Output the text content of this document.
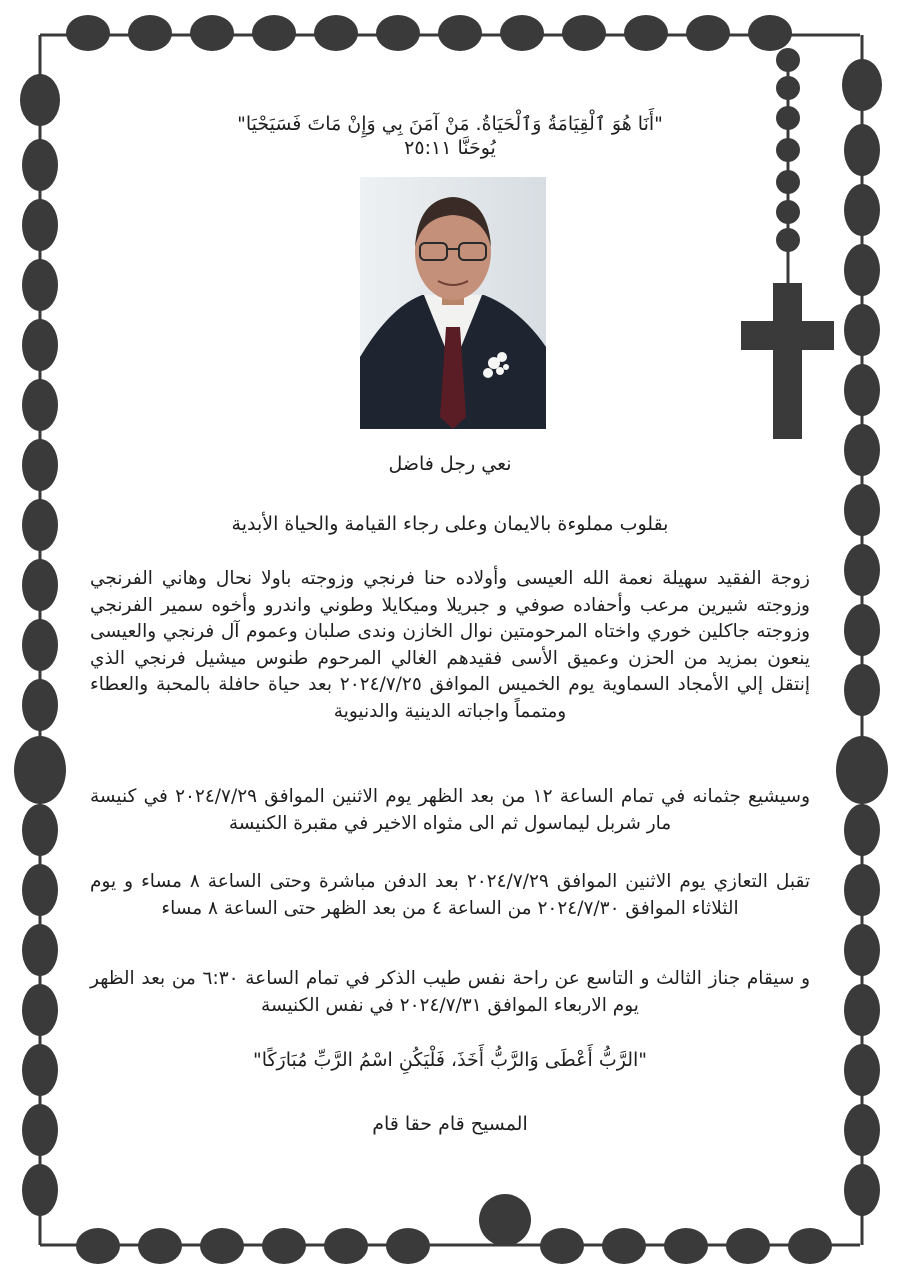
"أَنَا هُوَ ٱلْقِيَامَةُ وَٱلْحَيَاةُ. مَنْ آمَنَ بِي وَإِنْ مَاتَ فَسَيَحْيَا"
يُوحَنَّا ٢٥:١١

نعي رجل فاضل

بقلوب مملوءة بالايمان وعلى رجاء القيامة والحياة الأبدية

زوجة الفقيد سهيلة نعمة الله العيسى وأولاده حنا فرنجي وزوجته باولا نحال وهاني الفرنجي وزوجته شيرين مرعب وأحفاده صوفي و جبريلا وميكايلا وطوني واندرو وأخوه سمير الفرنجي وزوجته جاكلين خوري واختاه المرحومتين نوال الخازن وندى صلبان وعموم آل فرنجي والعيسى ينعون بمزيد من الحزن وعميق الأسى فقيدهم الغالي المرحوم طنوس ميشيل فرنجي الذي إنتقل إلي الأمجاد السماوية يوم الخميس الموافق ٢٠٢٤/٧/٢٥ بعد حياة حافلة بالمحبة والعطاء ومتمماً واجباته الدينية والدنيوية

وسيشيع جثمانه في تمام الساعة ١٢ من بعد الظهر يوم الاثنين الموافق ٢٠٢٤/٧/٢٩ في كنيسة مار شربل ليماسول ثم الى مثواه الاخير في مقبرة الكنيسة

تقبل التعازي يوم الاثنين الموافق ٢٠٢٤/٧/٢٩ بعد الدفن مباشرة وحتى الساعة ٨ مساء و يوم الثلاثاء الموافق ٢٠٢٤/٧/٣٠ من الساعة ٤ من بعد الظهر حتى الساعة ٨ مساء

و سيقام جناز الثالث و التاسع عن راحة نفس طيب الذكر في تمام الساعة ٦:٣٠ من بعد الظهر يوم الاربعاء الموافق ٢٠٢٤/٧/٣١ في نفس الكنيسة

"الرَّبُّ أَعْطَى وَالرَّبُّ أَخَذَ، فَلْيَكُنِ اسْمُ الرَّبِّ مُبَارَكًا"

المسيح قام حقا قام
